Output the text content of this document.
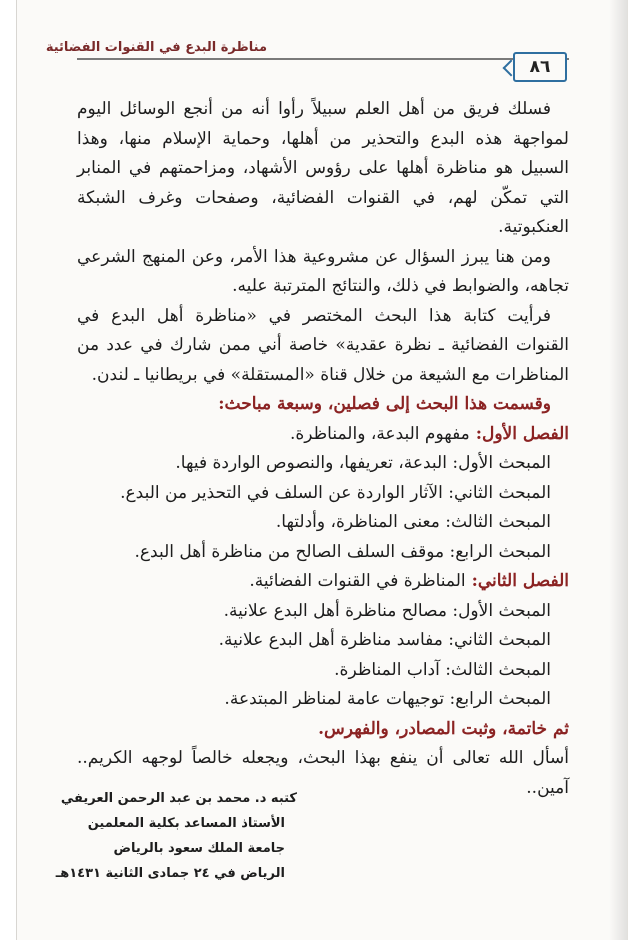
مناظرة البدع في القنوات الفضائية
٨٦

فسلك فريق من أهل العلم سبيلاً رأوا أنه من أنجع الوسائل اليوم لمواجهة هذه البدع والتحذير من أهلها، وحماية الإسلام منها، وهذا السبيل هو مناظرة أهلها على رؤوس الأشهاد، ومزاحمتهم في المنابر التي تمكّن لهم، في القنوات الفضائية، وصفحات وغرف الشبكة العنكبوتية.

ومن هنا يبرز السؤال عن مشروعية هذا الأمر، وعن المنهج الشرعي تجاهه، والضوابط في ذلك، والنتائج المترتبة عليه.

فرأيت كتابة هذا البحث المختصر في «مناظرة أهل البدع في القنوات الفضائية ـ نظرة عقدية» خاصة أني ممن شارك في عدد من المناظرات مع الشيعة من خلال قناة «المستقلة» في بريطانيا ـ لندن.

وقسمت هذا البحث إلى فصلين، وسبعة مباحث:

الفصل الأول: مفهوم البدعة، والمناظرة.

المبحث الأول: البدعة، تعريفها، والنصوص الواردة فيها.

المبحث الثاني: الآثار الواردة عن السلف في التحذير من البدع.

المبحث الثالث: معنى المناظرة، وأدلتها.

المبحث الرابع: موقف السلف الصالح من مناظرة أهل البدع.

الفصل الثاني: المناظرة في القنوات الفضائية.

المبحث الأول: مصالح مناظرة أهل البدع علانية.

المبحث الثاني: مفاسد مناظرة أهل البدع علانية.

المبحث الثالث: آداب المناظرة.

المبحث الرابع: توجيهات عامة لمناظر المبتدعة.

ثم خاتمة، وثبت المصادر، والفهرس.

أسأل الله تعالى أن ينفع بهذا البحث، ويجعله خالصاً لوجهه الكريم.. آمين..

كتبه د. محمد بن عبد الرحمن العريفي
الأستاذ المساعد بكلية المعلمين
جامعة الملك سعود بالرياض
الرياض في ٢٤ جمادى الثانية ١٤٣١هـ
